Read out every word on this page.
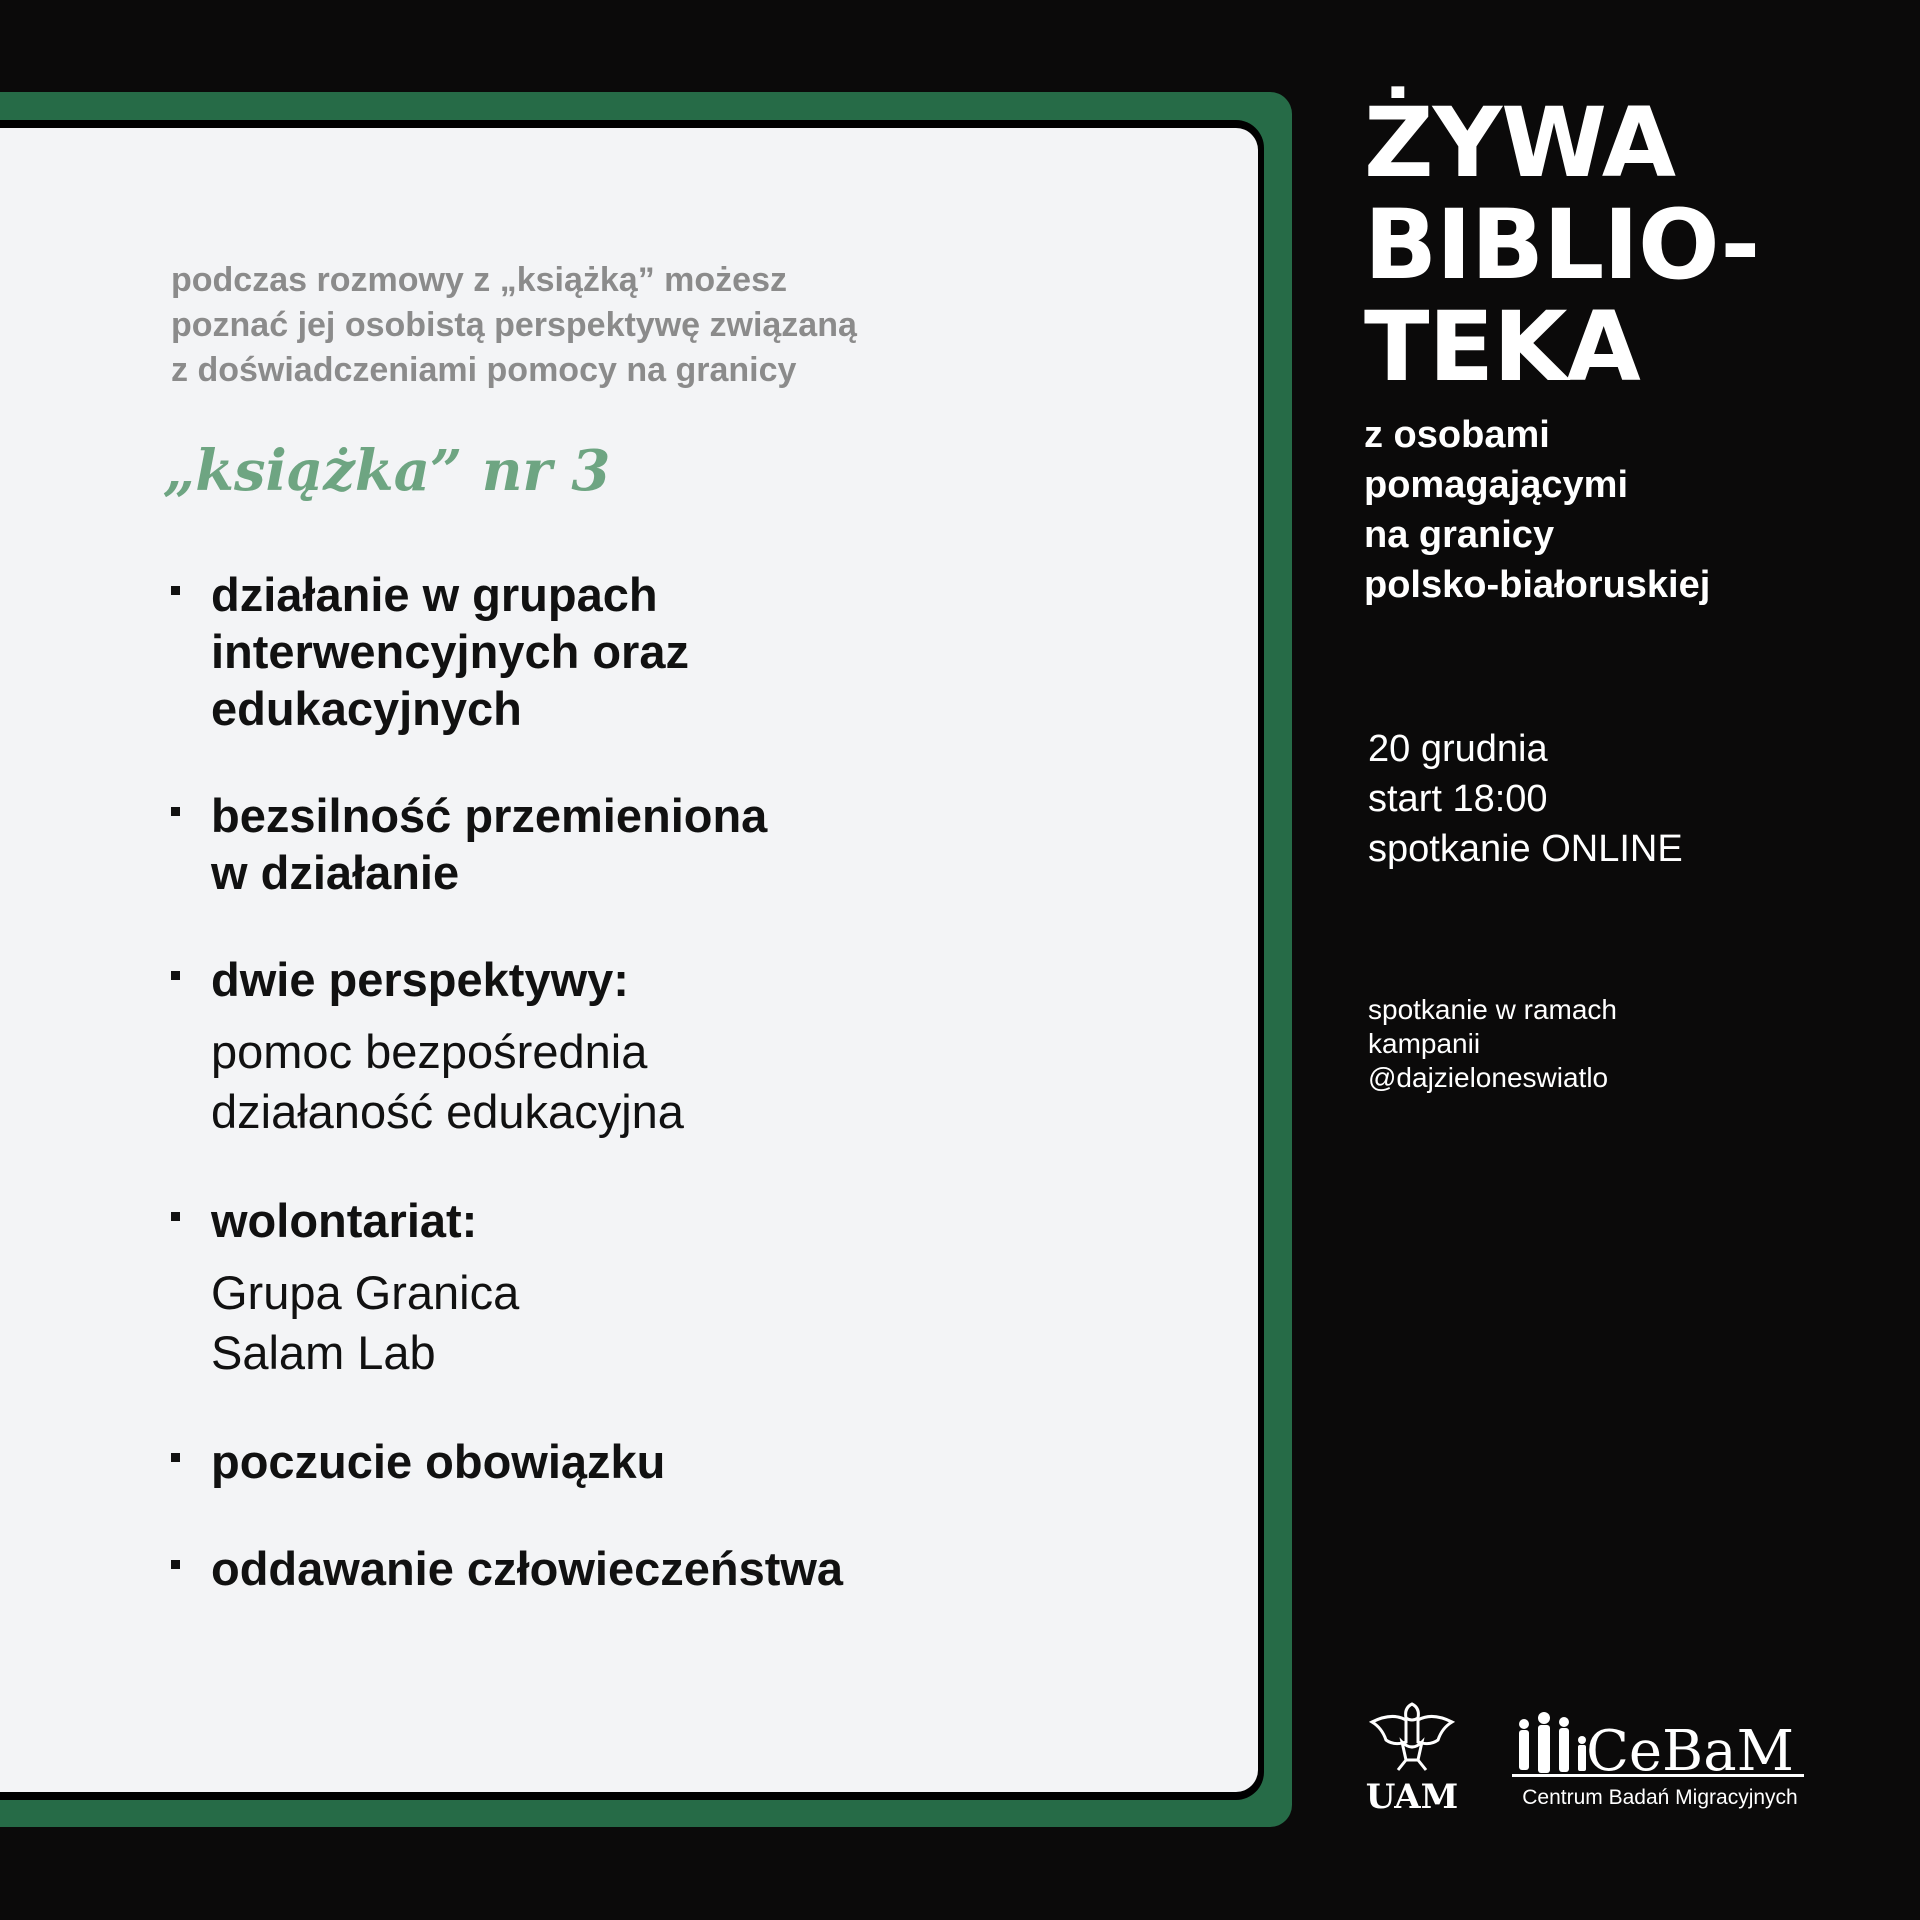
podczas rozmowy z „książką” możesz
poznać jej osobistą perspektywę związaną
z doświadczeniami pomocy na granicy
„książka” nr 3
działanie w grupach
interwencyjnych oraz
edukacyjnych
bezsilność przemieniona
w działanie
dwie perspektywy:
pomoc bezpośrednia
działaność edukacyjna
wolontariat:
Grupa Granica
Salam Lab
poczucie obowiązku
oddawanie człowieczeństwa
ŻYWA
BIBLIO-
TEKA
z osobami
pomagającymi
na granicy
polsko-białoruskiej
20 grudnia
start 18:00
spotkanie ONLINE
spotkanie w ramach
kampanii
@dajzieloneswiatlo
UAM
CeBaM
Centrum Badań Migracyjnych
